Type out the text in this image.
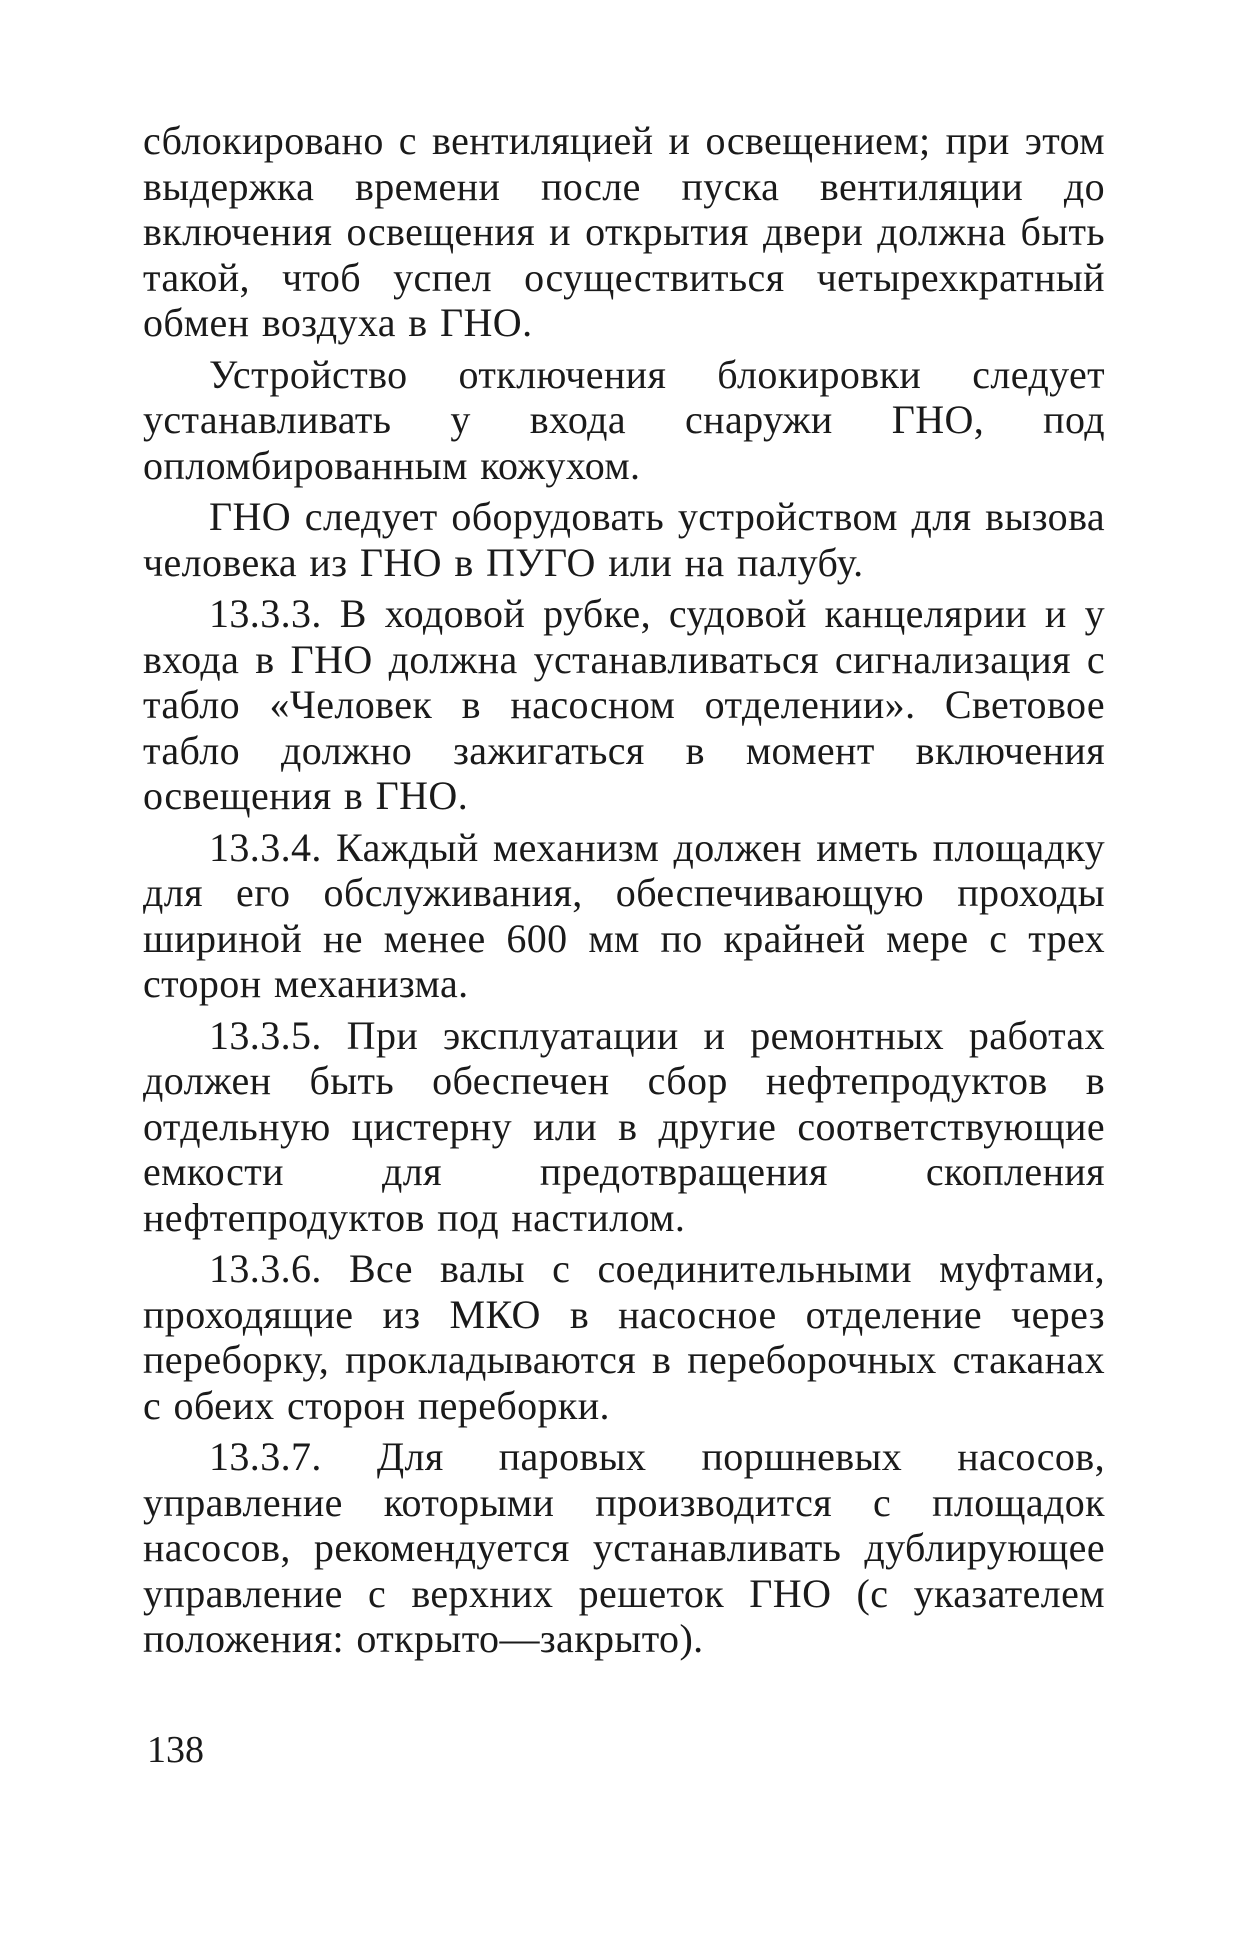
сблокировано с вентиляцией и освещением; при этом выдержка времени после пуска вентиляции до включения освещения и открытия двери должна быть такой, чтоб успел осуществиться четырехкратный обмен воздуха в ГНО.

Устройство отключения блокировки следует устанавливать у входа снаружи ГНО, под опломбированным кожухом.

ГНО следует оборудовать устройством для вызова человека из ГНО в ПУГО или на палубу.

13.3.3. В ходовой рубке, судовой канцелярии и у входа в ГНО должна устанавливаться сигнализация с табло «Человек в насосном отделении». Световое табло должно зажигаться в момент включения освещения в ГНО.

13.3.4. Каждый механизм должен иметь площадку для его обслуживания, обеспечивающую проходы шириной не менее 600 мм по крайней мере с трех сторон механизма.

13.3.5. При эксплуатации и ремонтных работах должен быть обеспечен сбор нефтепродуктов в отдельную цистерну или в другие соответствующие емкости для предотвращения скопления нефтепродуктов под настилом.

13.3.6. Все валы с соединительными муфтами, проходящие из МКО в насосное отделение через переборку, прокладываются в переборочных стаканах с обеих сторон переборки.

13.3.7. Для паровых поршневых насосов, управление которыми производится с площадок насосов, рекомендуется устанавливать дублирующее управление с верхних решеток ГНО (с указателем положения: открыто—закрыто).

138
